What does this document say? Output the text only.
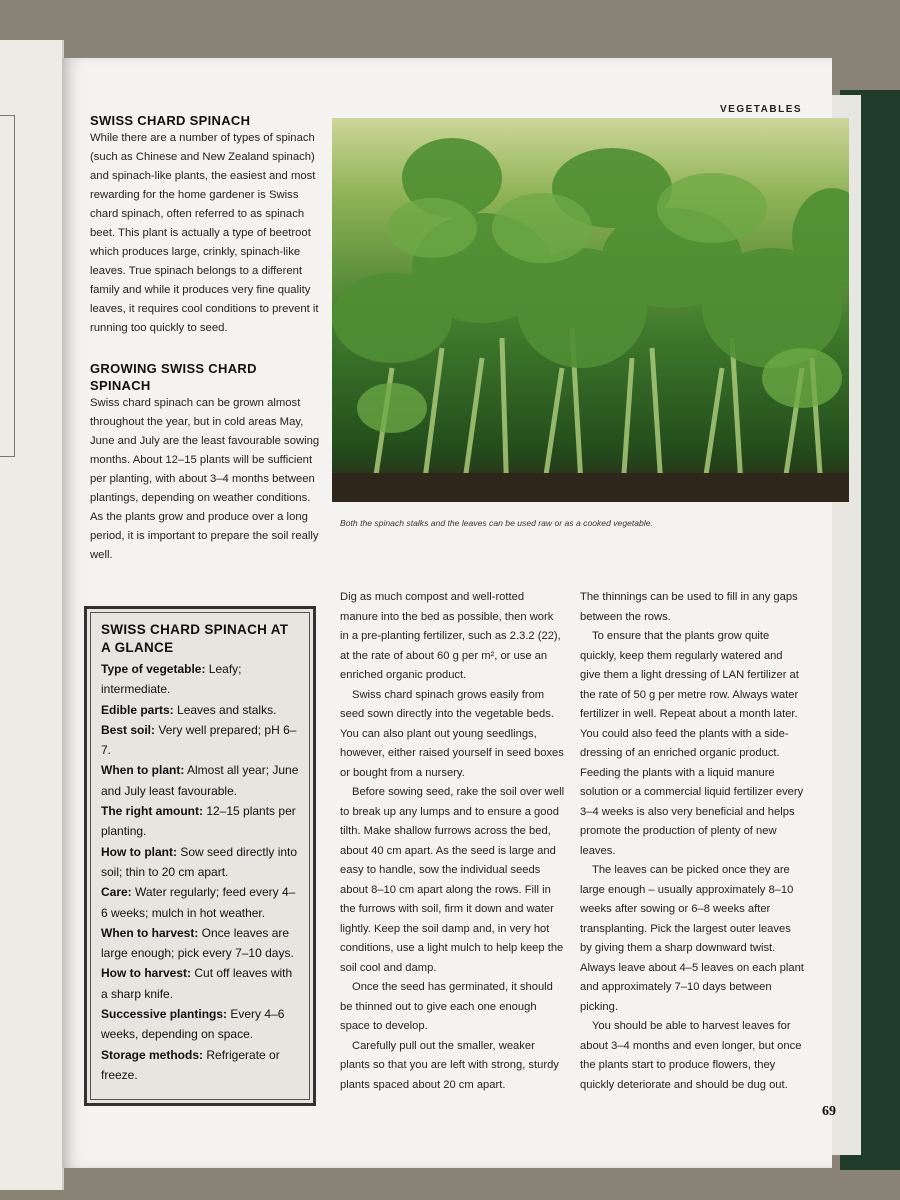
VEGETABLES
SWISS CHARD SPINACH

While there are a number of types of spinach (such as Chinese and New Zealand spinach) and spinach-like plants, the easiest and most rewarding for the home gardener is Swiss chard spinach, often referred to as spinach beet. This plant is actually a type of beetroot which produces large, crinkly, spinach-like leaves. True spinach belongs to a different family and while it produces very fine quality leaves, it requires cool conditions to prevent it running too quickly to seed.

GROWING SWISS CHARD SPINACH

Swiss chard spinach can be grown almost throughout the year, but in cold areas May, June and July are the least favourable sowing months. About 12–15 plants will be sufficient per planting, with about 3–4 months between plantings, depending on weather conditions. As the plants grow and produce over a long period, it is important to prepare the soil really well.

Both the spinach stalks and the leaves can be used raw or as a cooked vegetable.
SWISS CHARD SPINACH AT A GLANCE
Type of vegetable: Leafy; intermediate.
Edible parts: Leaves and stalks.
Best soil: Very well prepared; pH 6–7.
When to plant: Almost all year; June and July least favourable.
The right amount: 12–15 plants per planting.
How to plant: Sow seed directly into soil; thin to 20 cm apart.
Care: Water regularly; feed every 4–6 weeks; mulch in hot weather.
When to harvest: Once leaves are large enough; pick every 7–10 days.
How to harvest: Cut off leaves with a sharp knife.
Successive plantings: Every 4–6 weeks, depending on space.
Storage methods: Refrigerate or freeze.

Dig as much compost and well-rotted manure into the bed as possible, then work in a pre-planting fertilizer, such as 2.3.2 (22), at the rate of about 60 g per m², or use an enriched organic product.

Swiss chard spinach grows easily from seed sown directly into the vegetable beds. You can also plant out young seedlings, however, either raised yourself in seed boxes or bought from a nursery.

Before sowing seed, rake the soil over well to break up any lumps and to ensure a good tilth. Make shallow furrows across the bed, about 40 cm apart. As the seed is large and easy to handle, sow the individual seeds about 8–10 cm apart along the rows. Fill in the furrows with soil, firm it down and water lightly. Keep the soil damp and, in very hot conditions, use a light mulch to help keep the soil cool and damp.

Once the seed has germinated, it should be thinned out to give each one enough space to develop.

Carefully pull out the smaller, weaker plants so that you are left with strong, sturdy plants spaced about 20 cm apart.

The thinnings can be used to fill in any gaps between the rows.

To ensure that the plants grow quite quickly, keep them regularly watered and give them a light dressing of LAN fertilizer at the rate of 50 g per metre row. Always water fertilizer in well. Repeat about a month later. You could also feed the plants with a side-dressing of an enriched organic product. Feeding the plants with a liquid manure solution or a commercial liquid fertilizer every 3–4 weeks is also very beneficial and helps promote the production of plenty of new leaves.

The leaves can be picked once they are large enough – usually approximately 8–10 weeks after sowing or 6–8 weeks after transplanting. Pick the largest outer leaves by giving them a sharp downward twist. Always leave about 4–5 leaves on each plant and approximately 7–10 days between picking.

You should be able to harvest leaves for about 3–4 months and even longer, but once the plants start to produce flowers, they quickly deteriorate and should be dug out.

69
